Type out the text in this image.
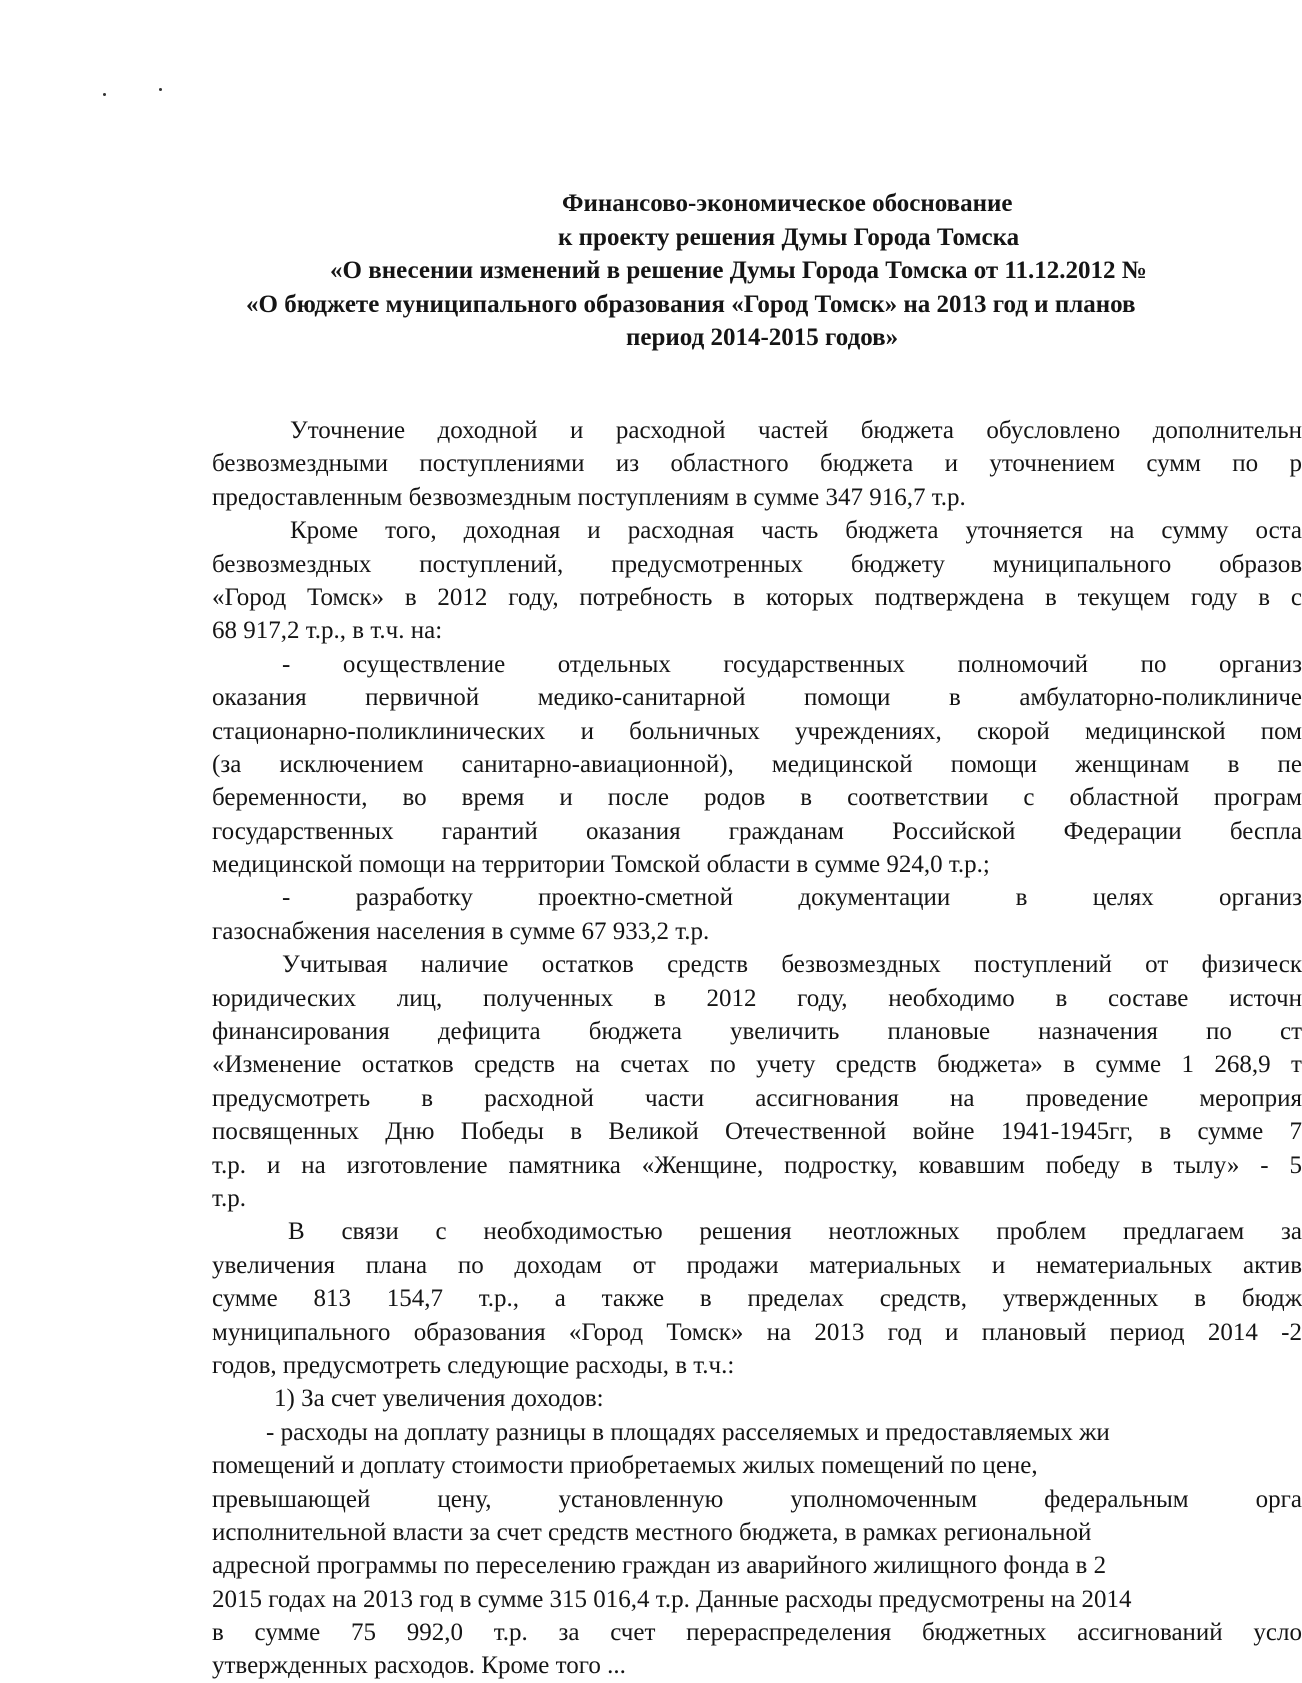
Финансово-экономическое обоснование
к проекту решения Думы Города Томска
«О внесении изменений в решение Думы Города Томска от 11.12.2012 №
«О бюджете муниципального образования «Город Томск» на 2013 год и планов
период 2014-2015 годов»
Уточнение доходной и расходной частей бюджета обусловлено дополнительн
безвозмездными поступлениями из областного бюджета и уточнением сумм по р
предоставленным безвозмездным поступлениям в сумме 347 916,7 т.р.
Кроме того, доходная и расходная часть бюджета уточняется на сумму оста
безвозмездных поступлений, предусмотренных бюджету муниципального образов
«Город Томск» в 2012 году, потребность в которых подтверждена в текущем году в с
68 917,2 т.р., в т.ч. на:
- осуществление отдельных государственных полномочий по организ
оказания первичной медико-санитарной помощи в амбулаторно-поликлиниче
стационарно-поликлинических и больничных учреждениях, скорой медицинской пом
(за исключением санитарно-авиационной), медицинской помощи женщинам в пе
беременности, во время и после родов в соответствии с областной програм
государственных гарантий оказания гражданам Российской Федерации беспла
медицинской помощи на территории Томской области в сумме 924,0 т.р.;
- разработку проектно-сметной документации в целях организ
газоснабжения населения в сумме 67 933,2 т.р.
Учитывая наличие остатков средств безвозмездных поступлений от физическ
юридических лиц, полученных в 2012 году, необходимо в составе источн
финансирования дефицита бюджета увеличить плановые назначения по ст
«Изменение остатков средств на счетах по учету средств бюджета» в сумме 1 268,9 т
предусмотреть в расходной части ассигнования на проведение мероприя
посвященных Дню Победы в Великой Отечественной войне 1941-1945гг, в сумме 7
т.р. и на изготовление памятника «Женщине, подростку, ковавшим победу в тылу» - 5
т.р.
В связи с необходимостью решения неотложных проблем предлагаем за
увеличения плана по доходам от продажи материальных и нематериальных актив
сумме 813 154,7 т.р., а также в пределах средств, утвержденных в бюдж
муниципального образования «Город Томск» на 2013 год и плановый период 2014 -2
годов, предусмотреть следующие расходы, в т.ч.:
1) За счет увеличения доходов:
- расходы на доплату разницы в площадях расселяемых и предоставляемых жи
помещений и доплату стоимости приобретаемых жилых помещений по цене,
превышающей цену, установленную уполномоченным федеральным орга
исполнительной власти за счет средств местного бюджета, в рамках региональной
адресной программы по переселению граждан из аварийного жилищного фонда в 2
2015 годах на 2013 год в сумме 315 016,4 т.р. Данные расходы предусмотрены на 2014
в сумме 75 992,0 т.р. за счет перераспределения бюджетных ассигнований усло
утвержденных расходов. Кроме того ...
